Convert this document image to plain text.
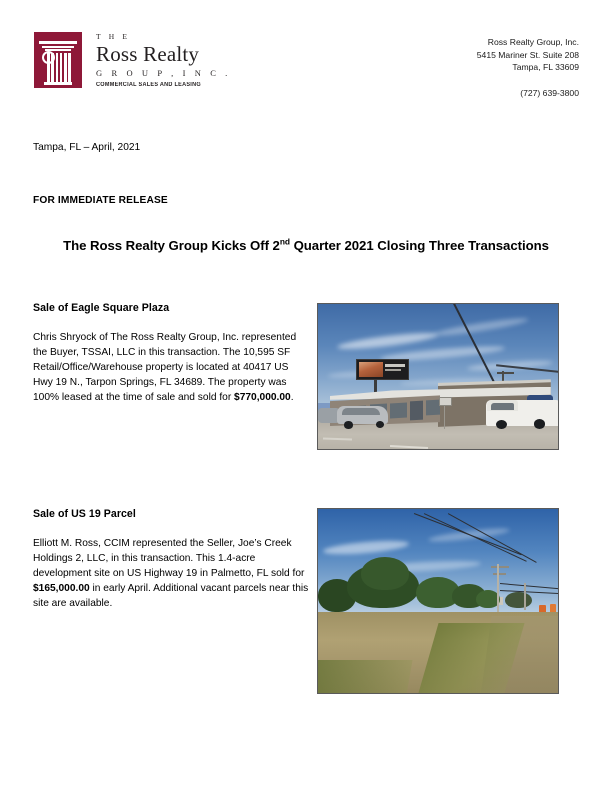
T H E
Ross Realty
G R O U P , I N C .
COMMERCIAL SALES AND LEASING
Ross Realty Group, Inc.
5415 Mariner St. Suite 208
Tampa, FL 33609
(727) 639-3800
Tampa, FL – April, 2021
FOR IMMEDIATE RELEASE
The Ross Realty Group Kicks Off 2nd Quarter 2021 Closing Three Transactions
Sale of Eagle Square Plaza
Chris Shryock of The Ross Realty Group, Inc. represented the Buyer, TSSAI, LLC in this transaction. The 10,595 SF Retail/Office/Warehouse property is located at 40417 US Hwy 19 N., Tarpon Springs, FL 34689. The property was 100% leased at the time of sale and sold for $770,000.00.
Sale of US 19 Parcel
Elliott M. Ross, CCIM represented the Seller, Joe’s Creek Holdings 2, LLC, in this transaction. This 1.4-acre development site on US Highway 19 in Palmetto, FL sold for $165,000.00 in early April. Additional vacant parcels near this site are available.
